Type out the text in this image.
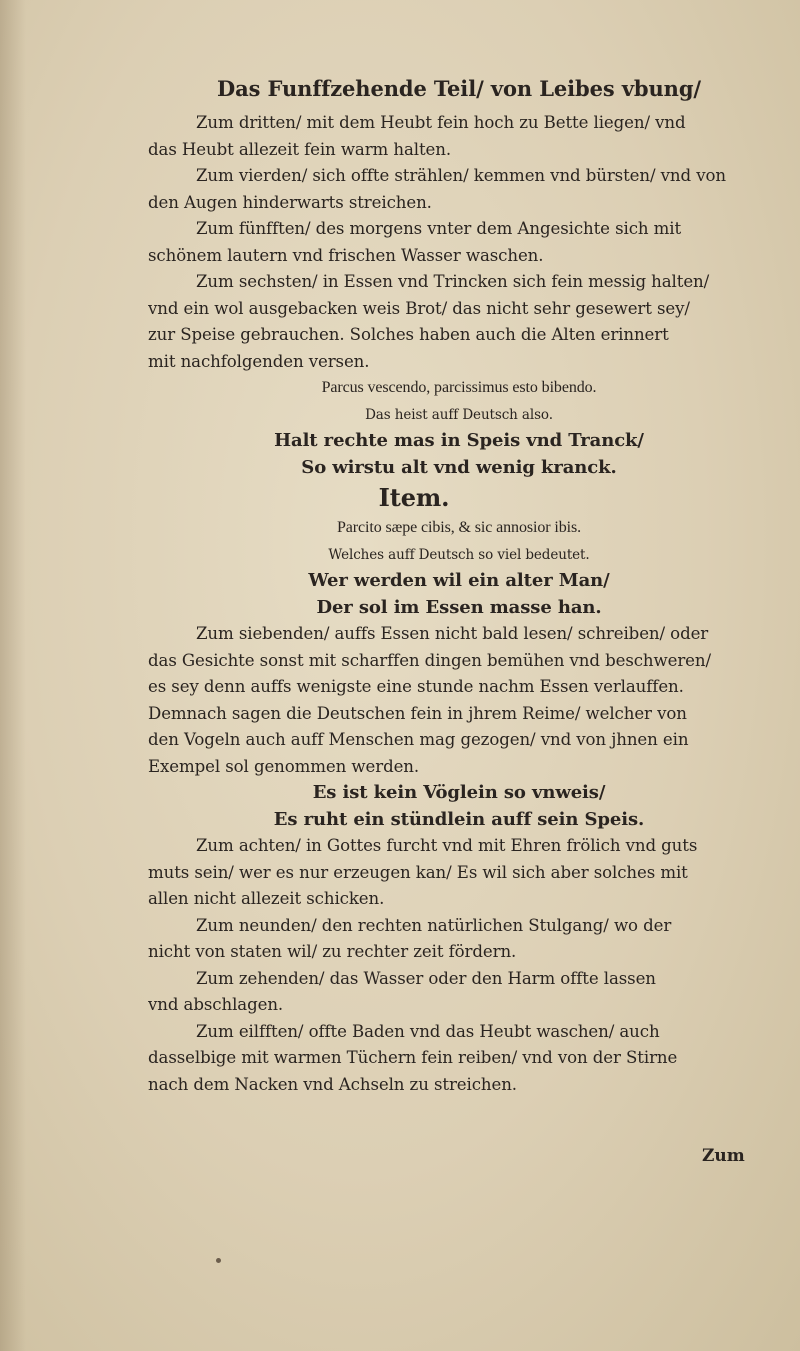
Das Funffzehende Teil/ von Leibes vbung/
Zum dritten/ mit dem Heubt fein hoch zu Bette liegen/ vnd
das Heubt allezeit fein warm halten.
Zum vierden/ sich offte strählen/ kemmen vnd bürsten/ vnd von
den Augen hinderwarts streichen.
Zum fünfften/ des morgens vnter dem Angesichte sich mit
schönem lautern vnd frischen Wasser waschen.
Zum sechsten/ in Essen vnd Trincken sich fein messig halten/
vnd ein wol ausgebacken weis Brot/ das nicht sehr gesewert sey/
zur Speise gebrauchen. Solches haben auch die Alten erinnert
mit nachfolgenden versen.
Parcus vescendo, parcissimus esto bibendo.
Das heist auff Deutsch also.
Halt rechte mas in Speis vnd Tranck/
So wirstu alt vnd wenig kranck.
Item.
Parcito sæpe cibis, & sic annosior ibis.
Welches auff Deutsch so viel bedeutet.
Wer werden wil ein alter Man/
Der sol im Essen masse han.
Zum siebenden/ auffs Essen nicht bald lesen/ schreiben/ oder
das Gesichte sonst mit scharffen dingen bemühen vnd beschweren/
es sey denn auffs wenigste eine stunde nachm Essen verlauffen.
Demnach sagen die Deutschen fein in jhrem Reime/ welcher von
den Vogeln auch auff Menschen mag gezogen/ vnd von jhnen ein
Exempel sol genommen werden.
Es ist kein Vöglein so vnweis/
Es ruht ein stündlein auff sein Speis.
Zum achten/ in Gottes furcht vnd mit Ehren frölich vnd guts
muts sein/ wer es nur erzeugen kan/ Es wil sich aber solches mit
allen nicht allezeit schicken.
Zum neunden/ den rechten natürlichen Stulgang/ wo der
nicht von staten wil/ zu rechter zeit fördern.
Zum zehenden/ das Wasser oder den Harm offte lassen
vnd abschlagen.
Zum eilfften/ offte Baden vnd das Heubt waschen/ auch
dasselbige mit warmen Tüchern fein reiben/ vnd von der Stirne
nach dem Nacken vnd Achseln zu streichen.
Zum
